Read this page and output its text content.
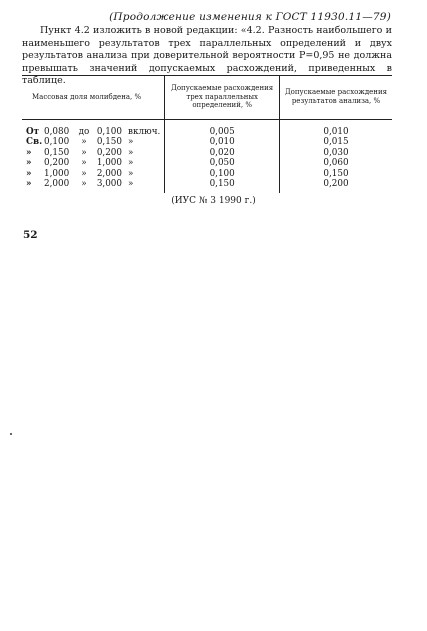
(Продолжение изменения к ГОСТ 11930.11—79)
Пункт 4.2 изложить в новой редакции: «4.2. Разность наибольшего и наименьшего результатов трех параллельных определений и двух результатов анализа при доверительной вероятности P=0,95 не должна превышать значений допускаемых расхождений, приведенных в таблице.
Массовая доля молибдена, %	Допускаемые расхождения трех параллельных определений, %	Допускаемые расхождения результатов анализа, %

От 0,080 до 0,100 включ.	0,005	0,010

Св. 0,100 » 0,150 »	0,010	0,015

» 0,150 » 0,200 »	0,020	0,030

» 0,200 » 1,000 »	0,050	0,060

» 1,000 » 2,000 »	0,100	0,150

» 2,000 » 3,000 »	0,150	0,200
(ИУС № 3 1990 г.)
52
